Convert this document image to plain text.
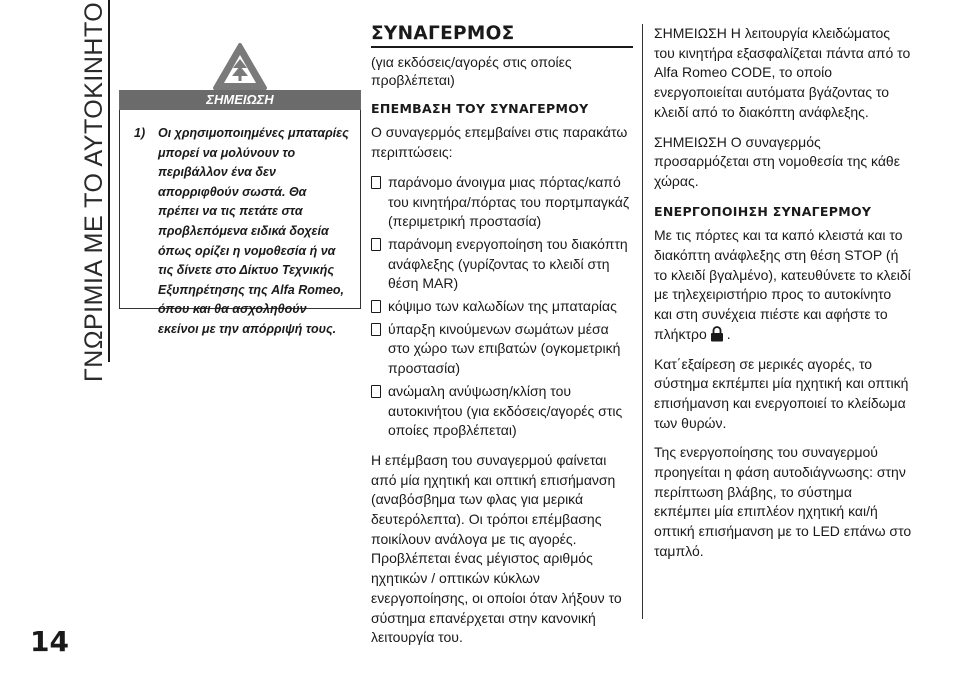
ΓΝΩΡΙΜΙΑ ΜΕ ΤΟ ΑΥΤΟΚΙΝΗΤΟ
14
ΣΗΜΕΙΩΣΗ
1) Οι χρησιμοποιημένες μπαταρίες μπορεί να μολύνουν το περιβάλλον ένα δεν απορριφθούν σωστά. Θα πρέπει να τις πετάτε στα προβλεπόμενα ειδικά δοχεία όπως ορίζει η νομοθεσία ή να τις δίνετε στο Δίκτυο Τεχνικής Εξυπηρέτησης της Alfa Romeo, όπου και θα ασχοληθούν εκείνοι με την απόρριψή τους.
ΣΥΝΑΓΕΡΜΟΣ
(για εκδόσεις/αγορές στις οποίες προβλέπεται)
ΕΠΕΜΒΑΣΗ ΤΟΥ ΣΥΝΑΓΕΡΜΟΥ

Ο συναγερμός επεμβαίνει στις παρακάτω περιπτώσεις:

παράνομο άνοιγμα μιας πόρτας/καπό του κινητήρα/πόρτας του πορτμπαγκάζ (περιμετρική προστασία)
παράνομη ενεργοποίηση του διακόπτη ανάφλεξης (γυρίζοντας το κλειδί στη θέση MAR)
κόψιμο των καλωδίων της μπαταρίας
ύπαρξη κινούμενων σωμάτων μέσα στο χώρο των επιβατών (ογκομετρική προστασία)
ανώμαλη ανύψωση/κλίση του αυτοκινήτου (για εκδόσεις/αγορές στις οποίες προβλέπεται)

Η επέμβαση του συναγερμού φαίνεται από μία ηχητική και οπτική επισήμανση (αναβόσβημα των φλας για μερικά δευτερόλεπτα). Οι τρόποι επέμβασης ποικίλουν ανάλογα με τις αγορές. Προβλέπεται ένας μέγιστος αριθμός ηχητικών / οπτικών κύκλων ενεργοποίησης, οι οποίοι όταν λήξουν το σύστημα επανέρχεται στην κανονική λειτουργία του.

ΣΗΜΕΙΩΣΗ Η λειτουργία κλειδώματος του κινητήρα εξασφαλίζεται πάντα από το Alfa Romeo CODE, το οποίο ενεργοποιείται αυτόματα βγάζοντας το κλειδί από το διακόπτη ανάφλεξης.

ΣΗΜΕΙΩΣΗ Ο συναγερμός προσαρμόζεται στη νομοθεσία της κάθε χώρας.

ΕΝΕΡΓΟΠΟΙΗΣΗ ΣΥΝΑΓΕΡΜΟΥ

Με τις πόρτες και τα καπό κλειστά και το διακόπτη ανάφλεξης στη θέση STOP (ή το κλειδί βγαλμένο), κατευθύνετε το κλειδί με τηλεχειριστήριο προς το αυτοκίνητο και στη συνέχεια πιέστε και αφήστε το πλήκτρο .

Κατ΄εξαίρεση σε μερικές αγορές, το σύστημα εκπέμπει μία ηχητική και οπτική επισήμανση και ενεργοποιεί το κλείδωμα των θυρών.

Της ενεργοποίησης του συναγερμού προηγείται η φάση αυτοδιάγνωσης: στην περίπτωση βλάβης, το σύστημα εκπέμπει μία επιπλέον ηχητική και/ή οπτική επισήμανση με το LED επάνω στο ταμπλό.
